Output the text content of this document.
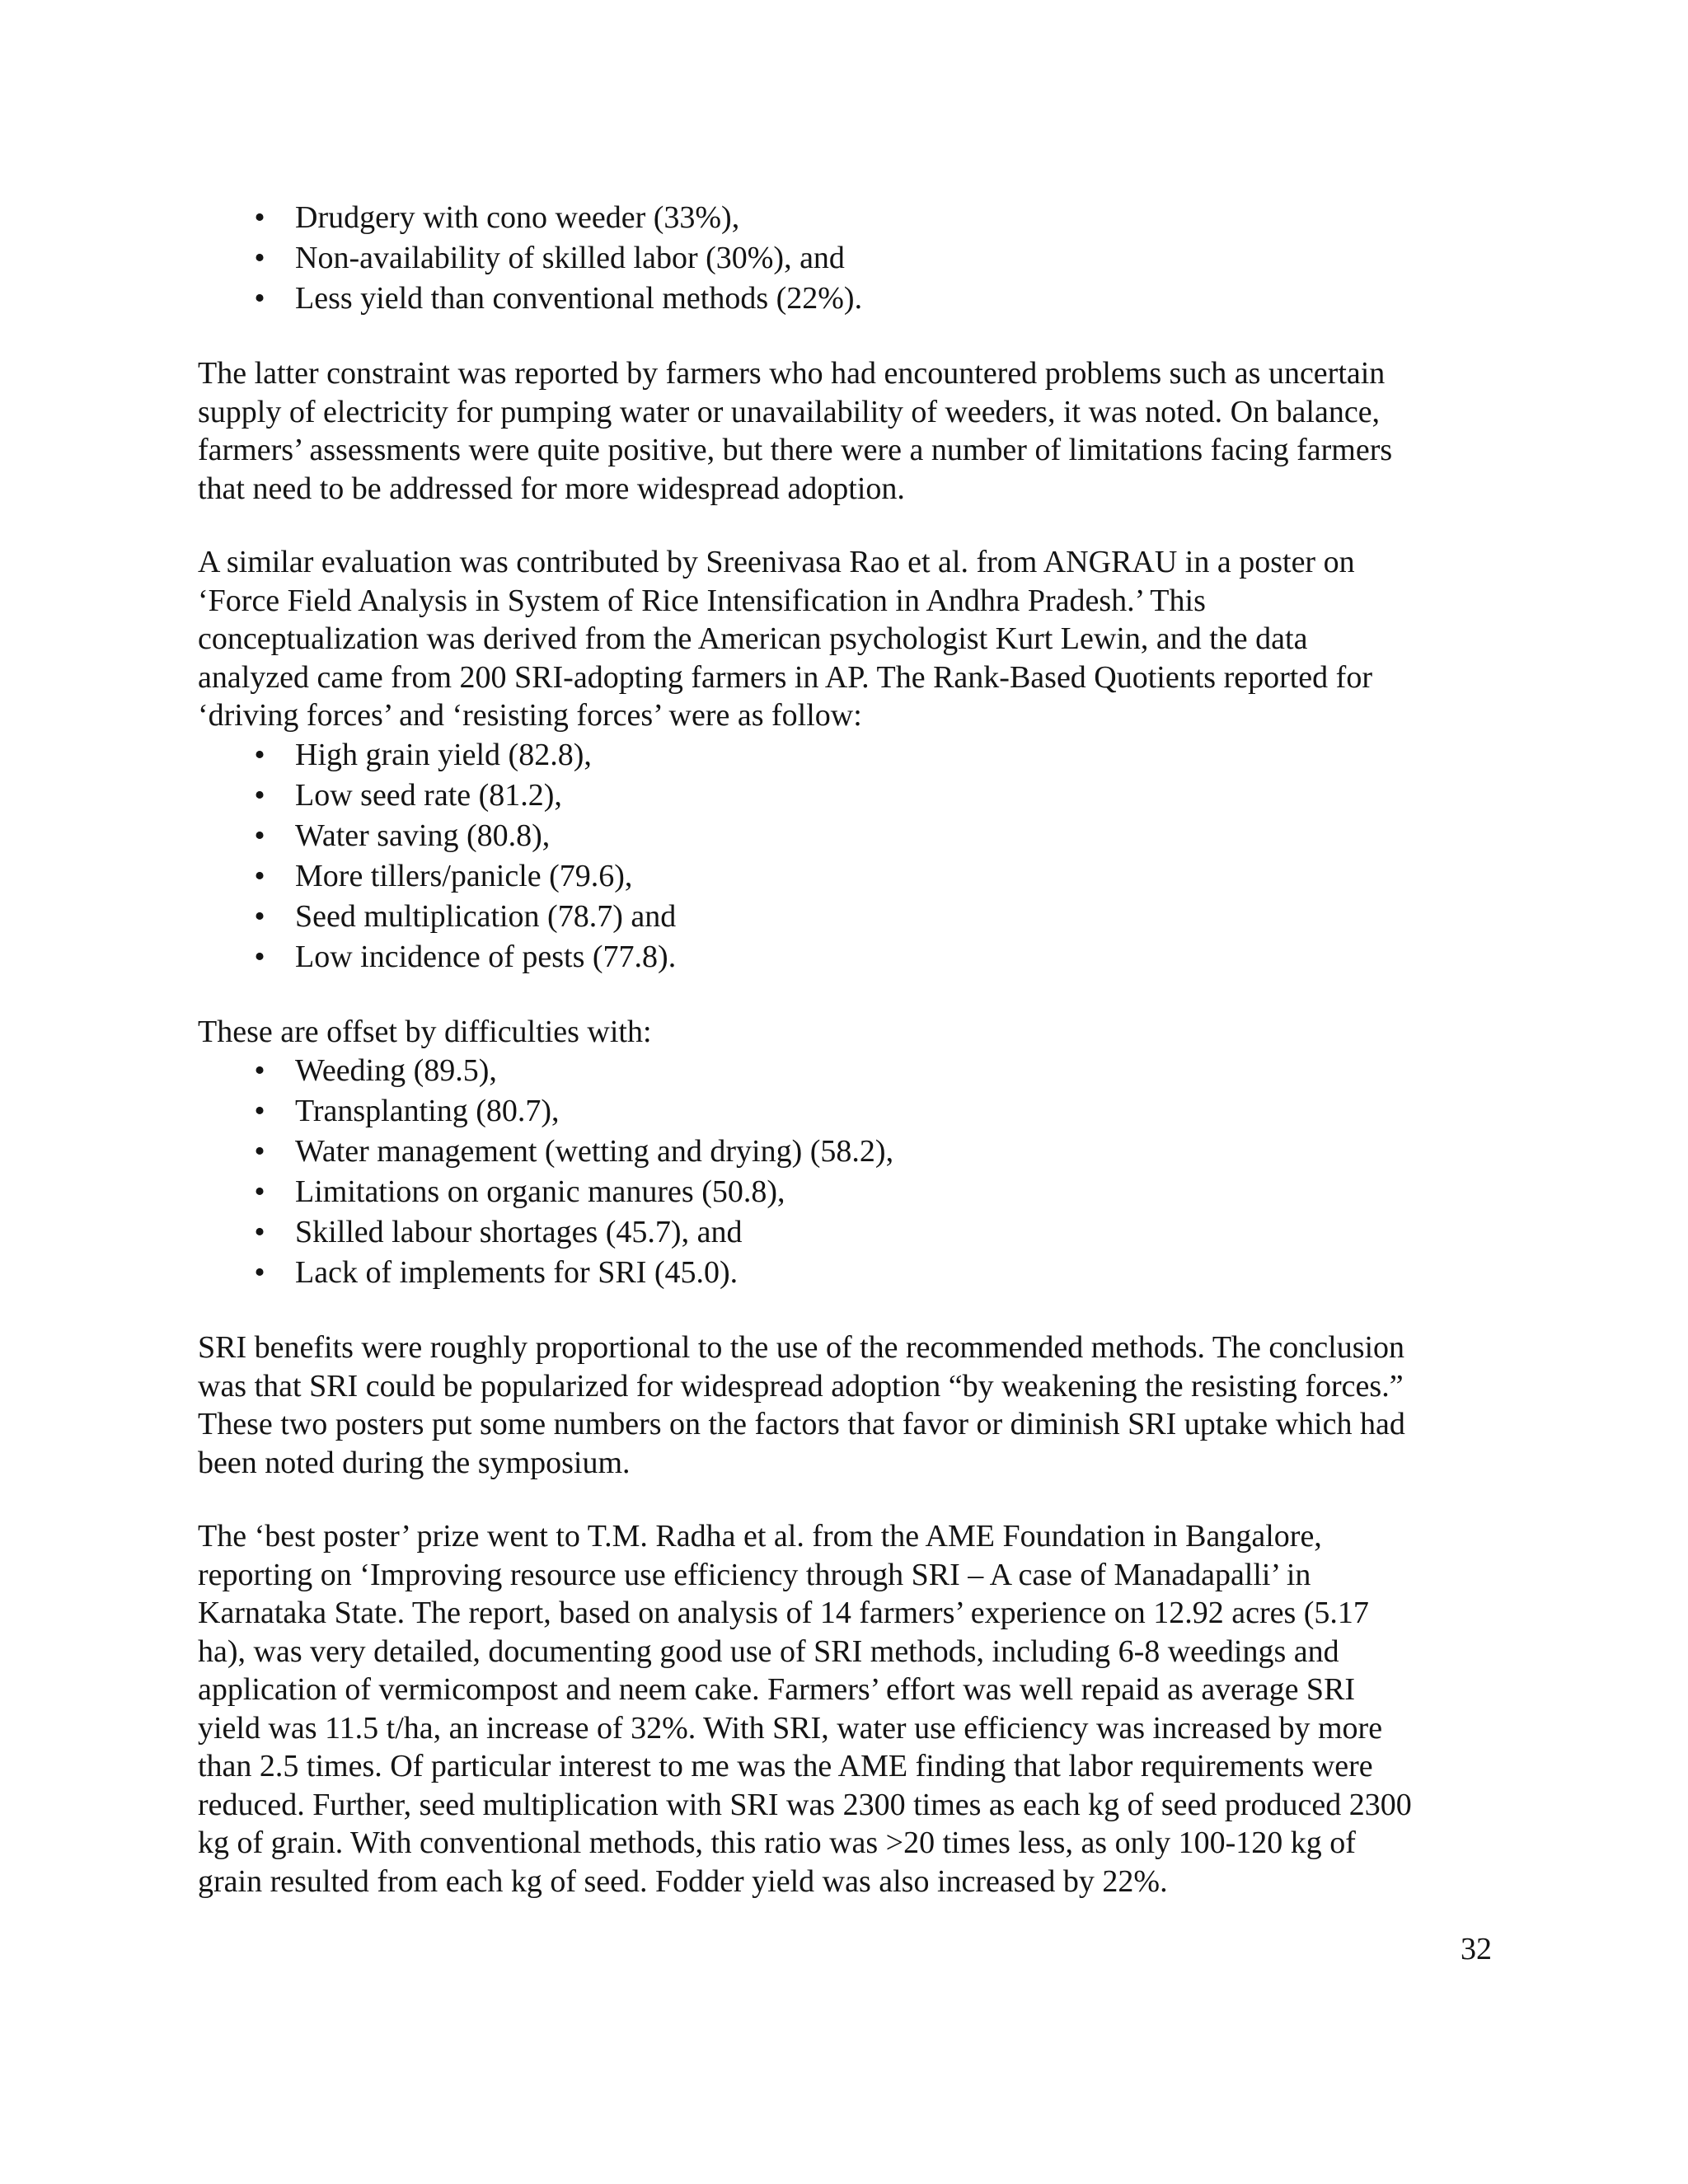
• Drudgery with cono weeder (33%),
• Non-availability of skilled labor (30%), and
• Less yield than conventional methods (22%).

The latter constraint was reported by farmers who had encountered problems such as uncertain
supply of electricity for pumping water or unavailability of weeders, it was noted. On balance,
farmers’ assessments were quite positive, but there were a number of limitations facing farmers
that need to be addressed for more widespread adoption.

A similar evaluation was contributed by Sreenivasa Rao et al. from ANGRAU in a poster on
‘Force Field Analysis in System of Rice Intensification in Andhra Pradesh.’ This
conceptualization was derived from the American psychologist Kurt Lewin, and the data
analyzed came from 200 SRI-adopting farmers in AP. The Rank-Based Quotients reported for
‘driving forces’ and ‘resisting forces’ were as follow:

• High grain yield (82.8),
• Low seed rate (81.2),
• Water saving (80.8),
• More tillers/panicle (79.6),
• Seed multiplication (78.7) and
• Low incidence of pests (77.8).

These are offset by difficulties with:

• Weeding (89.5),
• Transplanting (80.7),
• Water management (wetting and drying) (58.2),
• Limitations on organic manures (50.8),
• Skilled labour shortages (45.7), and
• Lack of implements for SRI (45.0).

SRI benefits were roughly proportional to the use of the recommended methods. The conclusion
was that SRI could be popularized for widespread adoption “by weakening the resisting forces.”
These two posters put some numbers on the factors that favor or diminish SRI uptake which had
been noted during the symposium.

The ‘best poster’ prize went to T.M. Radha et al. from the AME Foundation in Bangalore,
reporting on ‘Improving resource use efficiency through SRI – A case of Manadapalli’ in
Karnataka State. The report, based on analysis of 14 farmers’ experience on 12.92 acres (5.17
ha), was very detailed, documenting good use of SRI methods, including 6-8 weedings and
application of vermicompost and neem cake. Farmers’ effort was well repaid as average SRI
yield was 11.5 t/ha, an increase of 32%. With SRI, water use efficiency was increased by more
than 2.5 times. Of particular interest to me was the AME finding that labor requirements were
reduced. Further, seed multiplication with SRI was 2300 times as each kg of seed produced 2300
kg of grain. With conventional methods, this ratio was >20 times less, as only 100-120 kg of
grain resulted from each kg of seed. Fodder yield was also increased by 22%.

32
